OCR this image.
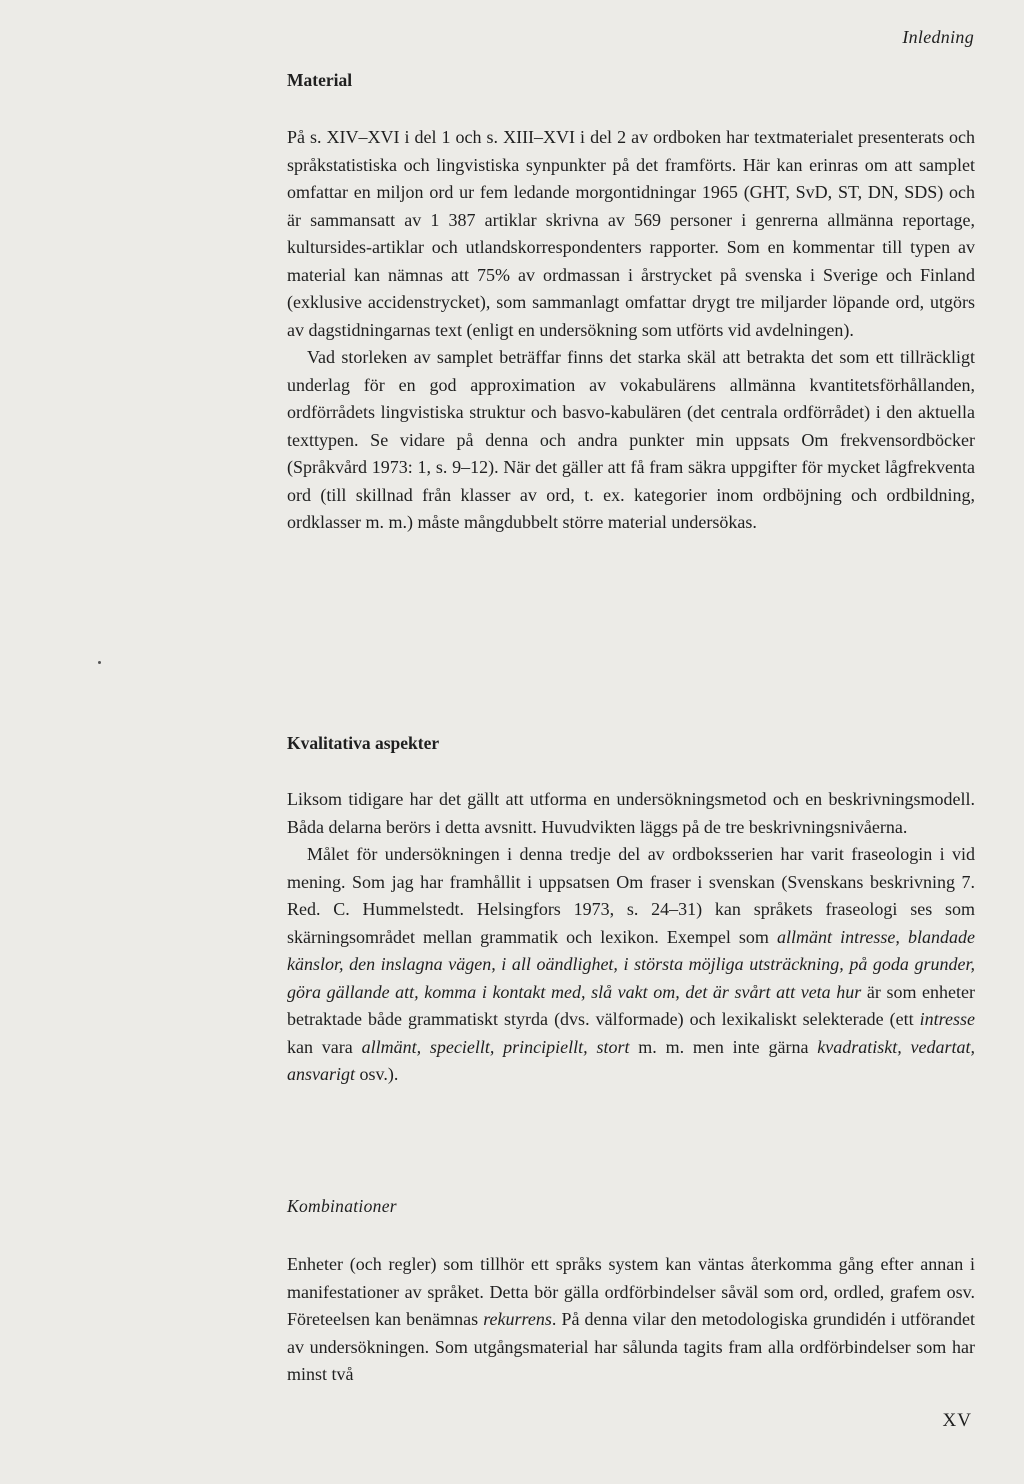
Inledning
Material

På s. XIV–XVI i del 1 och s. XIII–XVI i del 2 av ordboken har textmaterialet presenterats och språkstatistiska och lingvistiska synpunkter på det framförts. Här kan erinras om att samplet omfattar en miljon ord ur fem ledande morgontidningar 1965 (GHT, SvD, ST, DN, SDS) och är sammansatt av 1 387 artiklar skrivna av 569 personer i genrerna allmänna reportage, kultursides-artiklar och utlandskorrespondenters rapporter. Som en kommentar till typen av material kan nämnas att 75% av ordmassan i årstrycket på svenska i Sverige och Finland (exklusive accidenstrycket), som sammanlagt omfattar drygt tre miljarder löpande ord, utgörs av dagstidningarnas text (enligt en undersökning som utförts vid avdelningen).

Vad storleken av samplet beträffar finns det starka skäl att betrakta det som ett tillräckligt underlag för en god approximation av vokabulärens allmänna kvantitetsförhållanden, ordförrådets lingvistiska struktur och basvo-kabulären (det centrala ordförrådet) i den aktuella texttypen. Se vidare på denna och andra punkter min uppsats Om frekvensordböcker (Språkvård 1973: 1, s. 9–12). När det gäller att få fram säkra uppgifter för mycket lågfrekventa ord (till skillnad från klasser av ord, t. ex. kategorier inom ordböjning och ordbildning, ordklasser m. m.) måste mångdubbelt större material undersökas.

Kvalitativa aspekter

Liksom tidigare har det gällt att utforma en undersökningsmetod och en beskrivningsmodell. Båda delarna berörs i detta avsnitt. Huvudvikten läggs på de tre beskrivningsnivåerna.

Målet för undersökningen i denna tredje del av ordboksserien har varit fraseologin i vid mening. Som jag har framhållit i uppsatsen Om fraser i svenskan (Svenskans beskrivning 7. Red. C. Hummelstedt. Helsingfors 1973, s. 24–31) kan språkets fraseologi ses som skärningsområdet mellan grammatik och lexikon. Exempel som allmänt intresse, blandade känslor, den inslagna vägen, i all oändlighet, i största möjliga utsträckning, på goda grunder, göra gällande att, komma i kontakt med, slå vakt om, det är svårt att veta hur är som enheter betraktade både grammatiskt styrda (dvs. välformade) och lexikaliskt selekterade (ett intresse kan vara allmänt, speciellt, principiellt, stort m. m. men inte gärna kvadratiskt, vedartat, ansvarigt osv.).

Kombinationer

Enheter (och regler) som tillhör ett språks system kan väntas återkomma gång efter annan i manifestationer av språket. Detta bör gälla ordförbindelser såväl som ord, ordled, grafem osv. Företeelsen kan benämnas rekurrens. På denna vilar den metodologiska grundidén i utförandet av undersökningen. Som utgångsmaterial har sålunda tagits fram alla ordförbindelser som har minst två

XV
